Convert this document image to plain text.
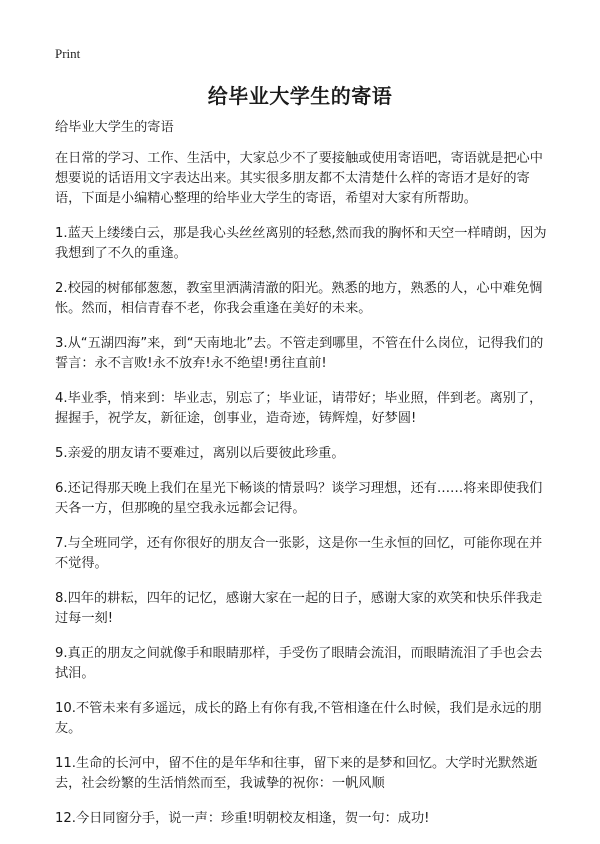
Print
给毕业大学生的寄语

给毕业大学生的寄语

在日常的学习、工作、生活中，大家总少不了要接触或使用寄语吧，寄语就是把心中想要说的话语用文字表达出来。其实很多朋友都不太清楚什么样的寄语才是好的寄语，下面是小编精心整理的给毕业大学生的寄语，希望对大家有所帮助。

1.蓝天上缕缕白云，那是我心头丝丝离别的轻愁,然而我的胸怀和天空一样晴朗，因为我想到了不久的重逢。

2.校园的树郁郁葱葱，教室里洒满清澈的阳光。熟悉的地方，熟悉的人，心中难免惆怅。然而，相信青春不老，你我会重逢在美好的未来。

3.从“五湖四海”来，到“天南地北”去。不管走到哪里，不管在什么岗位，记得我们的誓言：永不言败!永不放弃!永不绝望!勇往直前!

4.毕业季，悄来到：毕业志，别忘了；毕业证，请带好；毕业照，伴到老。离别了，握握手，祝学友，新征途，创事业，造奇迹，铸辉煌，好梦圆!

5.亲爱的朋友请不要难过，离别以后要彼此珍重。

6.还记得那天晚上我们在星光下畅谈的情景吗？谈学习理想，还有……将来即使我们天各一方，但那晚的星空我永远都会记得。

7.与全班同学，还有你很好的朋友合一张影，这是你一生永恒的回忆，可能你现在并不觉得。

8.四年的耕耘，四年的记忆，感谢大家在一起的日子，感谢大家的欢笑和快乐伴我走过每一刻!

9.真正的朋友之间就像手和眼睛那样，手受伤了眼睛会流泪，而眼睛流泪了手也会去拭泪。

10.不管未来有多遥远，成长的路上有你有我,不管相逢在什么时候，我们是永远的朋友。

11.生命的长河中，留不住的是年华和往事，留下来的是梦和回忆。大学时光默然逝去，社会纷繁的生活悄然而至，我诚挚的祝你：一帆风顺

12.今日同窗分手，说一声：珍重!明朝校友相逢，贺一句：成功!
